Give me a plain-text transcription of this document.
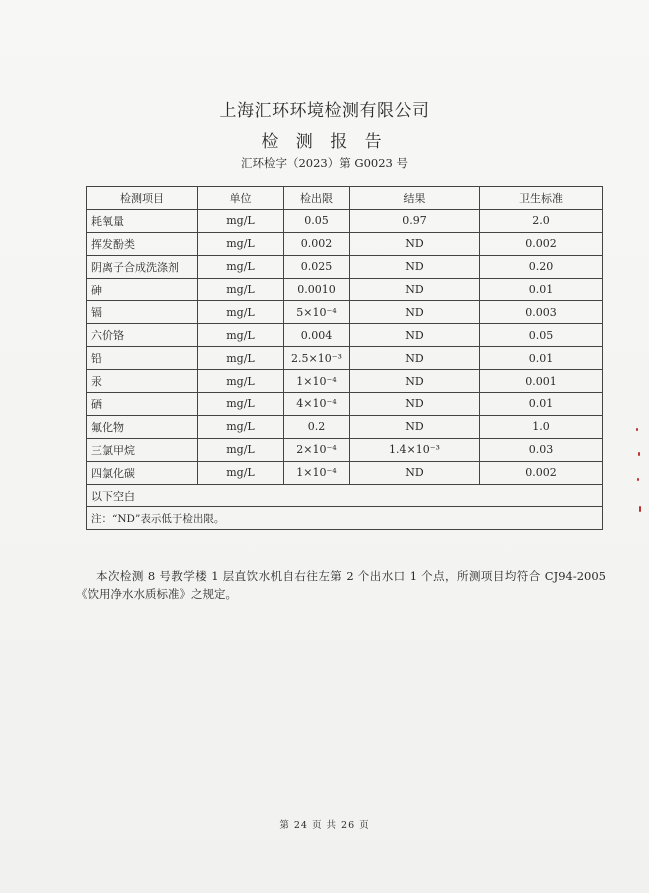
上海汇环环境检测有限公司
检 测 报 告
汇环检字（2023）第 G0023 号
检测项目	单位	检出限	结果	卫生标准
耗氧量	mg/L	0.05	0.97	2.0
挥发酚类	mg/L	0.002	ND	0.002
阴离子合成洗涤剂	mg/L	0.025	ND	0.20
砷	mg/L	0.0010	ND	0.01
镉	mg/L	5×10⁻⁴	ND	0.003
六价铬	mg/L	0.004	ND	0.05
铅	mg/L	2.5×10⁻³	ND	0.01
汞	mg/L	1×10⁻⁴	ND	0.001
硒	mg/L	4×10⁻⁴	ND	0.01
氟化物	mg/L	0.2	ND	1.0
三氯甲烷	mg/L	2×10⁻⁴	1.4×10⁻³	0.03
四氯化碳	mg/L	1×10⁻⁴	ND	0.002
以下空白				
注：“ND”表示低于检出限。				
本次检测 8 号教学楼 1 层直饮水机自右往左第 2 个出水口 1 个点，所测项目均符合 CJ94-2005《饮用净水水质标准》之规定。
第 24 页 共 26 页
